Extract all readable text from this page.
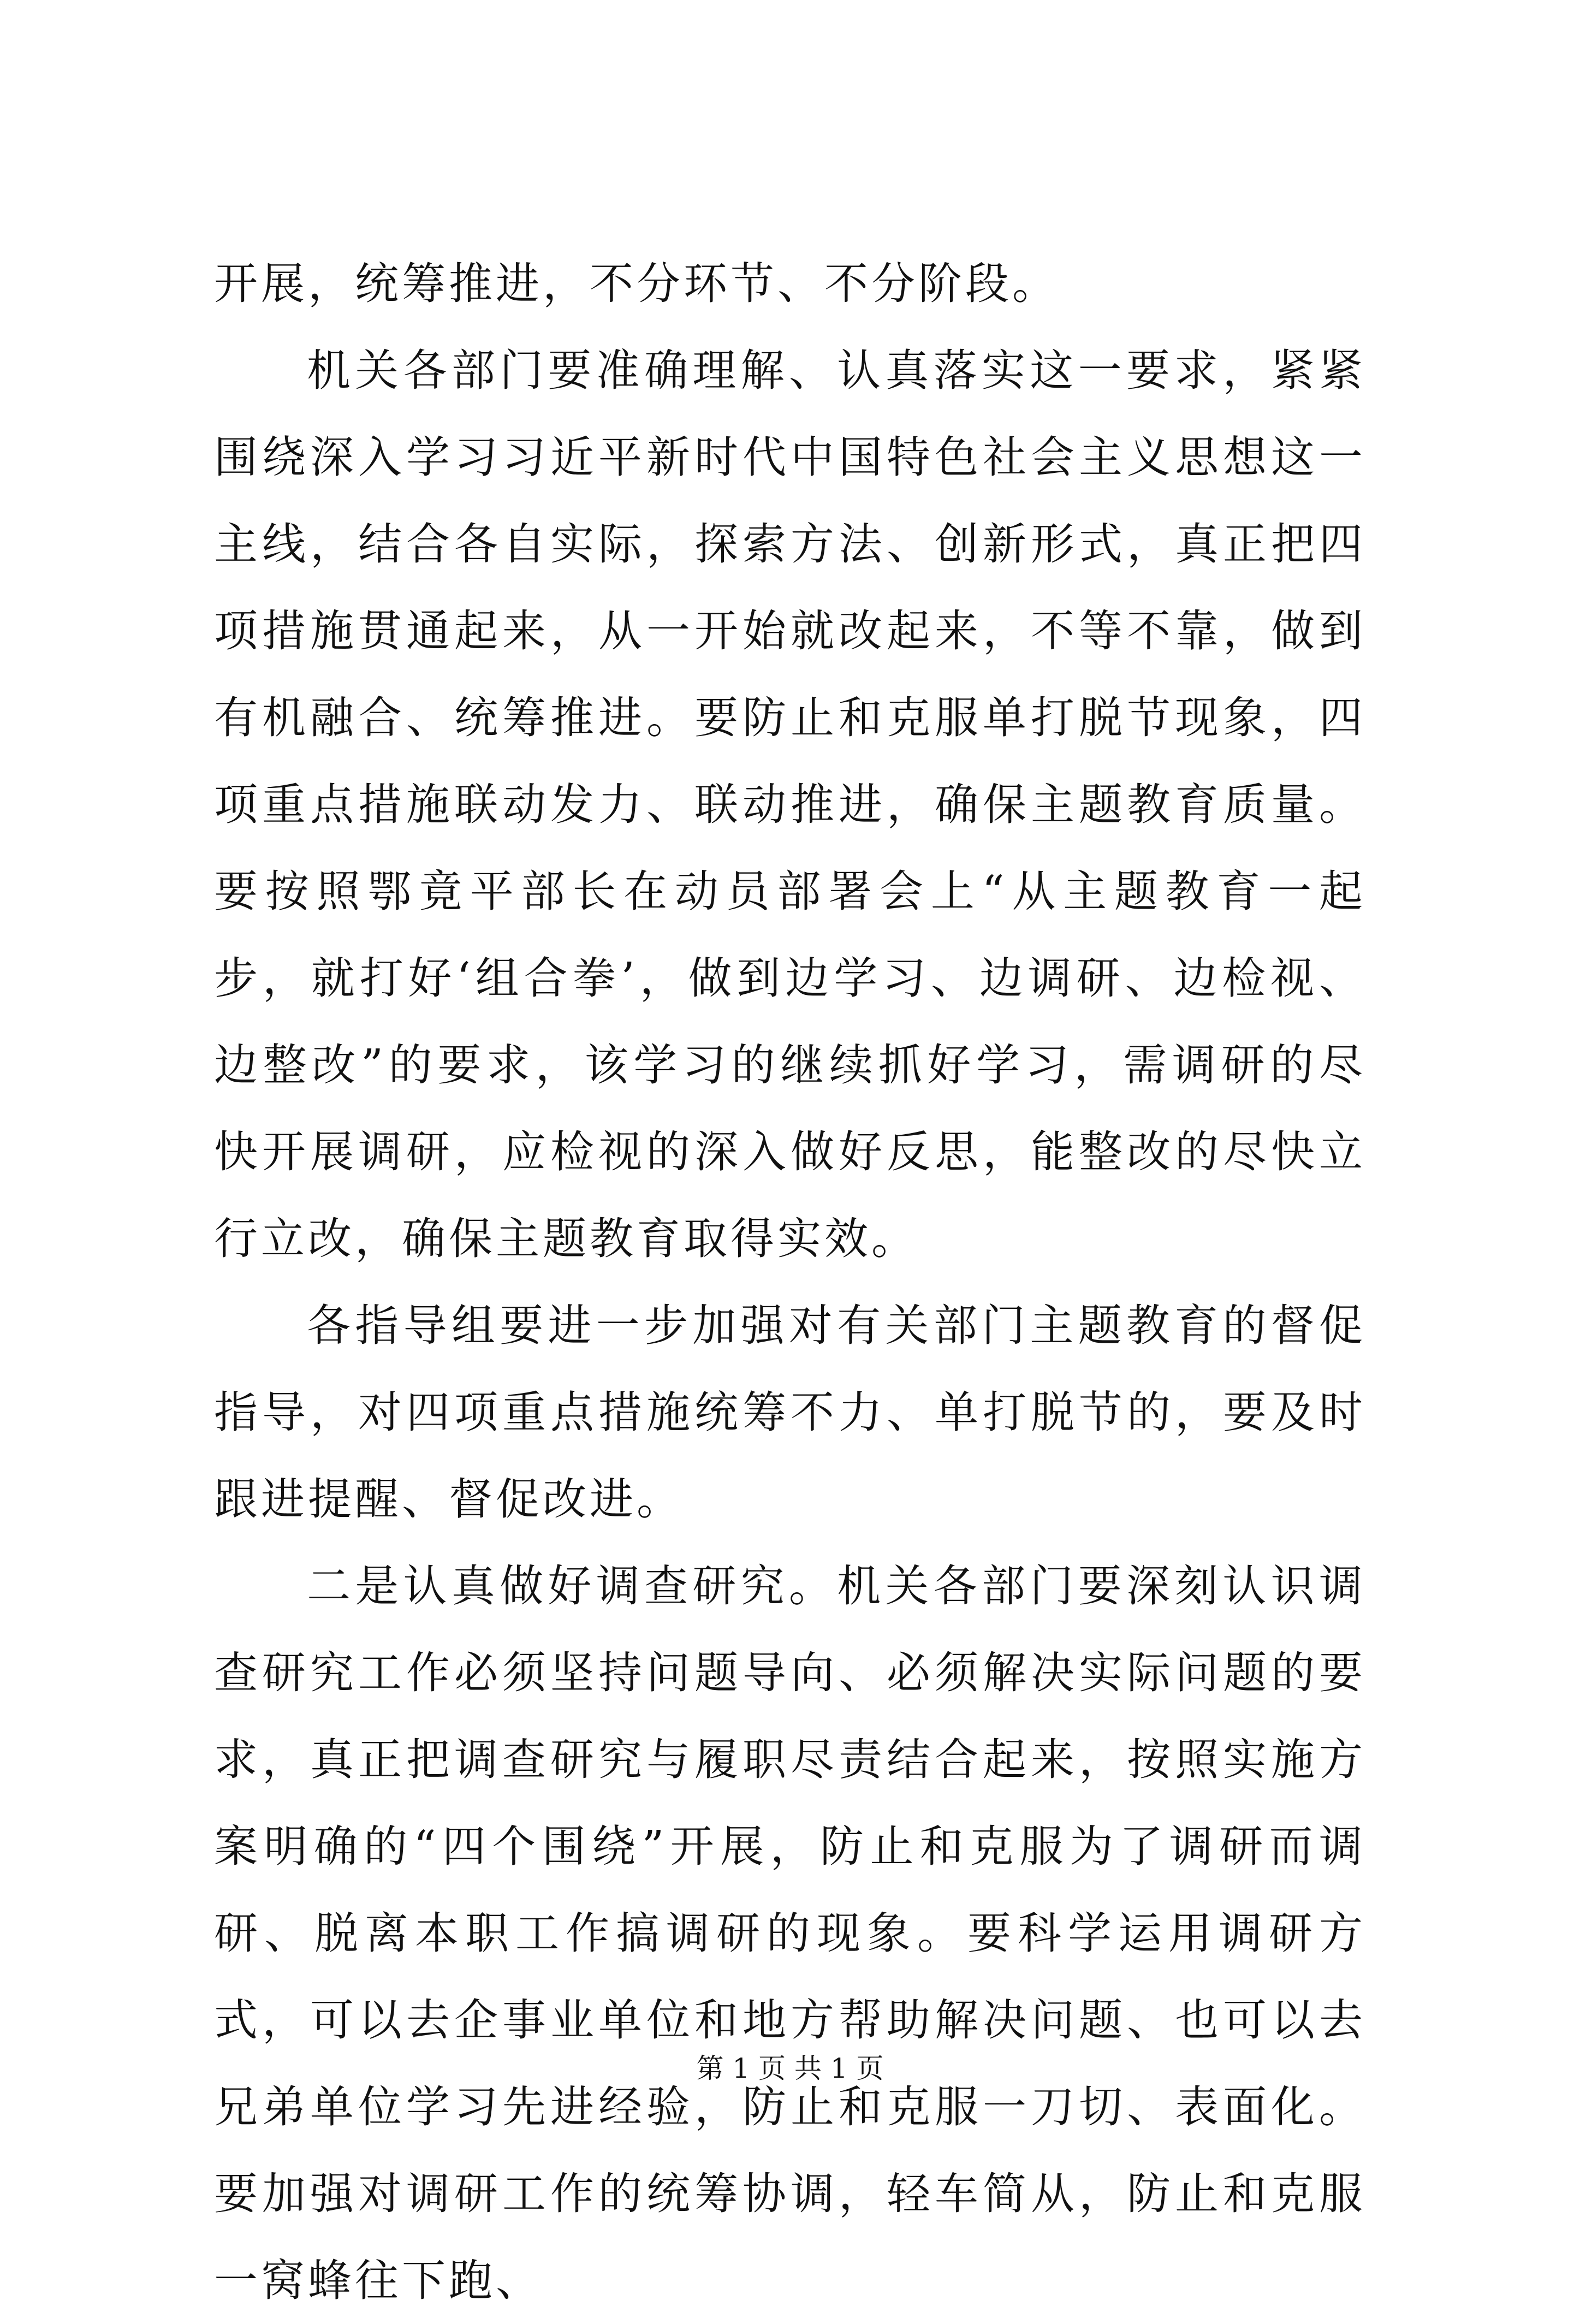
开展，统筹推进，不分环节、不分阶段。

机关各部门要准确理解、认真落实这一要求，紧紧围绕深入学习习近平新时代中国特色社会主义思想这一主线，结合各自实际，探索方法、创新形式，真正把四项措施贯通起来，从一开始就改起来，不等不靠，做到有机融合、统筹推进。要防止和克服单打脱节现象，四项重点措施联动发力、联动推进，确保主题教育质量。要按照鄂竟平部长在动员部署会上“从主题教育一起步，就打好‘组合拳’，做到边学习、边调研、边检视、边整改”的要求，该学习的继续抓好学习，需调研的尽快开展调研，应检视的深入做好反思，能整改的尽快立行立改，确保主题教育取得实效。

各指导组要进一步加强对有关部门主题教育的督促指导，对四项重点措施统筹不力、单打脱节的，要及时跟进提醒、督促改进。

二是认真做好调查研究。机关各部门要深刻认识调查研究工作必须坚持问题导向、必须解决实际问题的要求，真正把调查研究与履职尽责结合起来，按照实施方案明确的“四个围绕”开展，防止和克服为了调研而调研、脱离本职工作搞调研的现象。要科学运用调研方式，可以去企事业单位和地方帮助解决问题、也可以去兄弟单位学习先进经验，防止和克服一刀切、表面化。要加强对调研工作的统筹协调，轻车简从，防止和克服一窝蜂往下跑、

第 1 页 共 1 页
